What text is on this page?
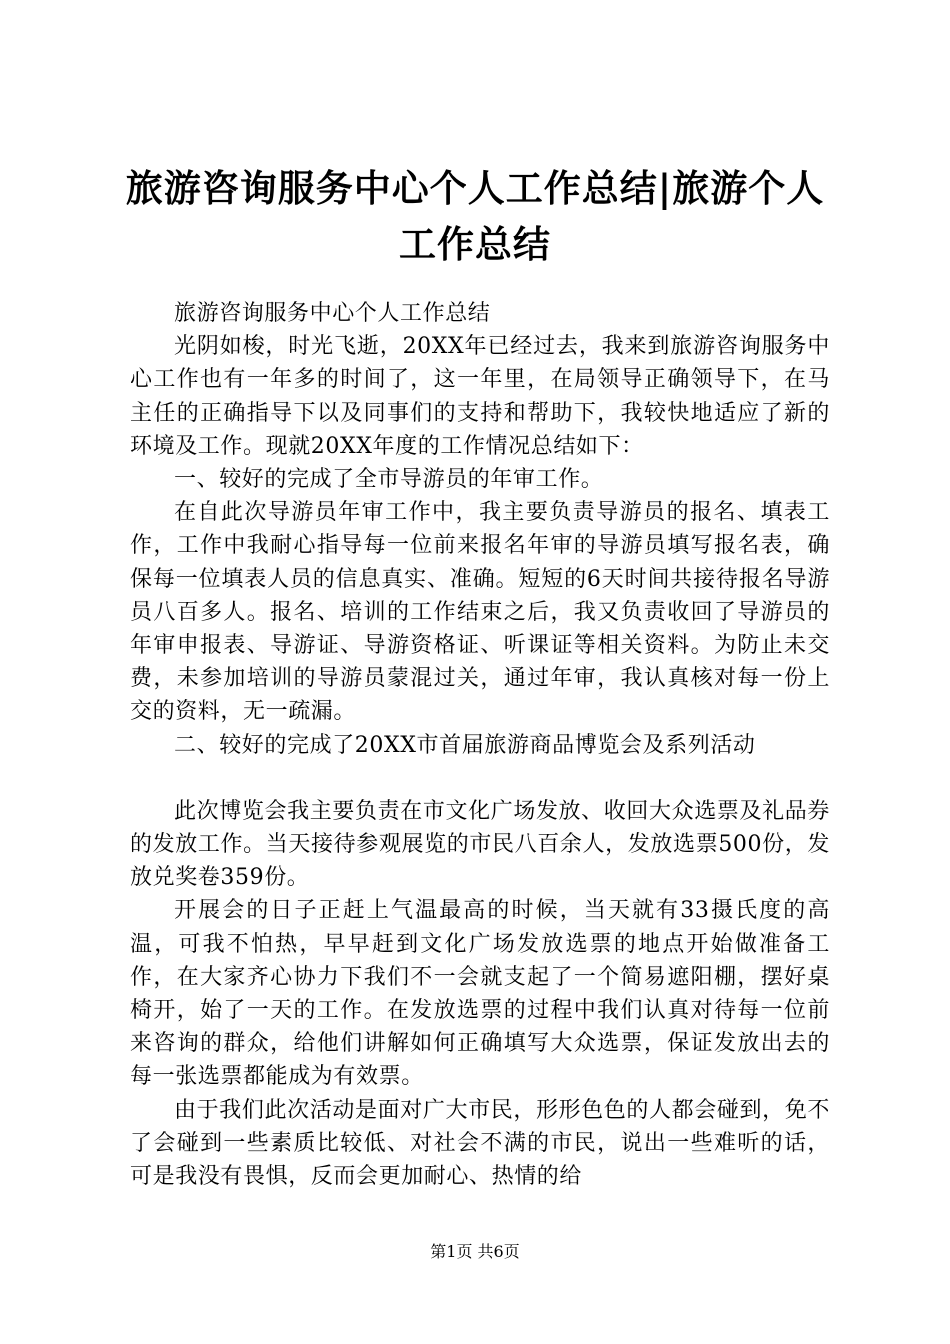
旅游咨询服务中心个人工作总结|旅游个人工作总结

旅游咨询服务中心个人工作总结

光阴如梭，时光飞逝，20XX年已经过去，我来到旅游咨询服务中心工作也有一年多的时间了，这一年里，在局领导正确领导下，在马主任的正确指导下以及同事们的支持和帮助下，我较快地适应了新的环境及工作。现就20XX年度的工作情况总结如下：

一、较好的完成了全市导游员的年审工作。

在自此次导游员年审工作中，我主要负责导游员的报名、填表工作，工作中我耐心指导每一位前来报名年审的导游员填写报名表，确保每一位填表人员的信息真实、准确。短短的6天时间共接待报名导游员八百多人。报名、培训的工作结束之后，我又负责收回了导游员的年审申报表、导游证、导游资格证、听课证等相关资料。为防止未交费，未参加培训的导游员蒙混过关，通过年审，我认真核对每一份上交的资料，无一疏漏。

二、较好的完成了20XX市首届旅游商品博览会及系列活动

此次博览会我主要负责在市文化广场发放、收回大众选票及礼品券的发放工作。当天接待参观展览的市民八百余人，发放选票500份，发放兑奖卷359份。

开展会的日子正赶上气温最高的时候，当天就有33摄氏度的高温，可我不怕热，早早赶到文化广场发放选票的地点开始做准备工作，在大家齐心协力下我们不一会就支起了一个简易遮阳棚，摆好桌椅开，始了一天的工作。在发放选票的过程中我们认真对待每一位前来咨询的群众，给他们讲解如何正确填写大众选票，保证发放出去的每一张选票都能成为有效票。

由于我们此次活动是面对广大市民，形形色色的人都会碰到，免不了会碰到一些素质比较低、对社会不满的市民，说出一些难听的话，可是我没有畏惧，反而会更加耐心、热情的给

第1页 共6页
